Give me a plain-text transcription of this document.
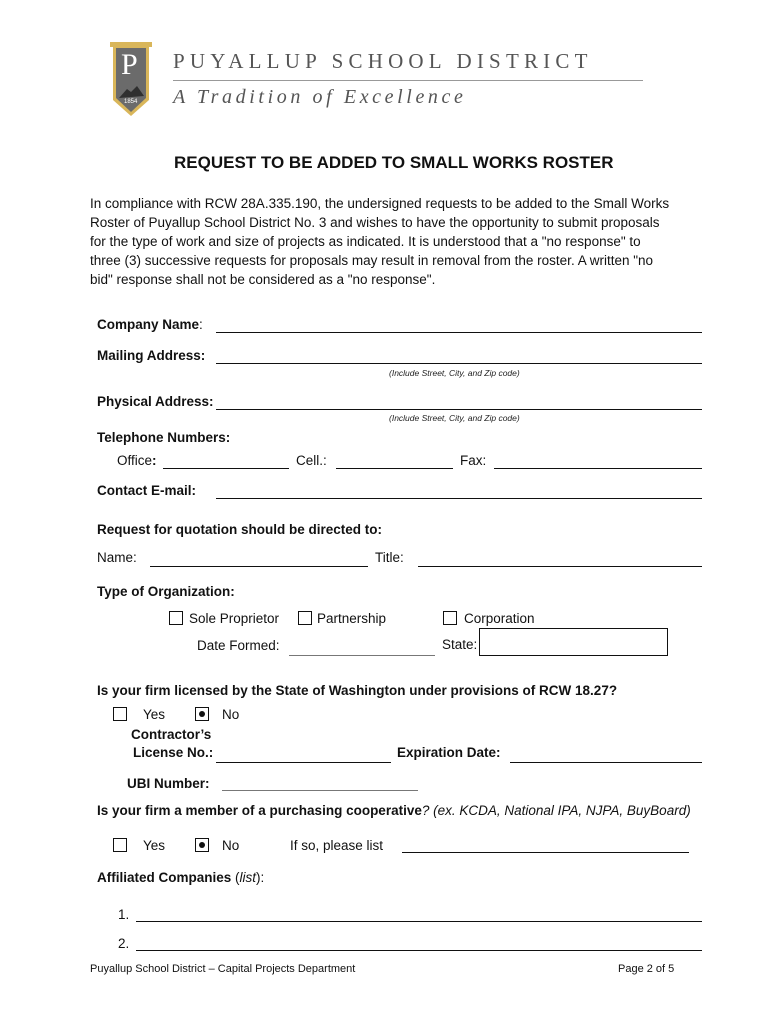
P
1854
PUYALLUP SCHOOL DISTRICT
A Tradition of Excellence
REQUEST TO BE ADDED TO SMALL WORKS ROSTER
In compliance with RCW 28A.335.190, the undersigned requests to be added to the Small Works
Roster of Puyallup School District No. 3 and wishes to have the opportunity to submit proposals
for the type of work and size of projects as indicated. It is understood that a "no response" to
three (3) successive requests for proposals may result in removal from the roster. A written "no
bid" response shall not be considered as a "no response".
Company Name:
Mailing Address:
(Include Street, City, and Zip code)
Physical Address:
(Include Street, City, and Zip code)
Telephone Numbers:
Office:	Cell.:	Fax:
Contact E-mail:
Request for quotation should be directed to:
Name:	Title:
Type of Organization:
Sole Proprietor	Partnership	Corporation
Date Formed:	State:
Is your firm licensed by the State of Washington under provisions of RCW 18.27?
Yes	No
Contractor’s
License No.:	Expiration Date:
UBI Number:
Is your firm a member of a purchasing cooperative? (ex. KCDA, National IPA, NJPA, BuyBoard)
Yes	No	If so, please list
Affiliated Companies (list):
1.
2.
Puyallup School District – Capital Projects Department	Page 2 of 5
